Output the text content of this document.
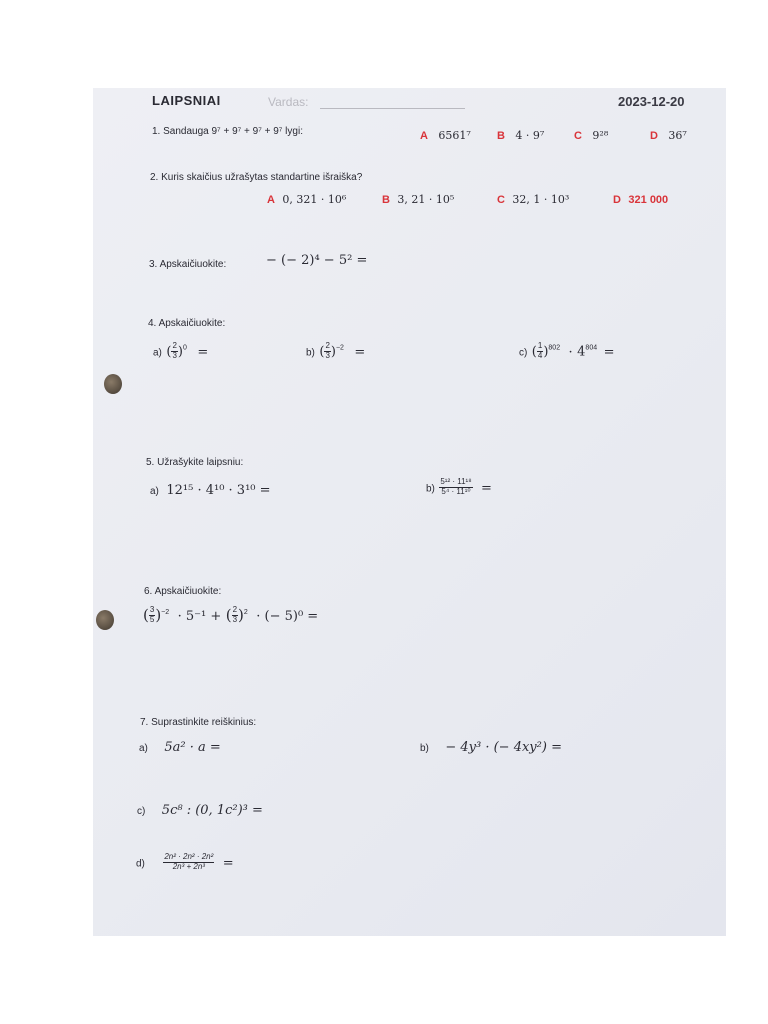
LAIPSNIAI	Vardas:	2023-12-20
1. Sandauga 9⁷ + 9⁷ + 9⁷ + 9⁷ lygi:	A 6561⁷ B 4 · 9⁷	C 9²⁸	D 36⁷
2. Kuris skaičius užrašytas standartine išraiška?
A 0, 321 · 10⁶	B 3, 21 · 10⁵	C 32, 1 · 10³	D 321 000
3. Apskaičiuokite:	− (− 2)⁴ − 5² =
4. Apskaičiuokite:
a) ( $\frac{2}{3} )^0$ =	b) ( $\frac{2}{3} )^{-2}$ =	c) ( $\frac{1}{4} )^{802} \cdot 4^{804}$ =
5. Užrašykite laipsniu:
a) 12¹⁵ · 4¹⁰ · 3¹⁰ =	$b) \frac{\text{5¹² · 11¹⁸}}{\text{5⁴ · 11¹⁰}}$ =
6. Apskaičiuokite:
( $\frac{3}{5} )^{-2} \cdot 5^{-1}$ + ( $\frac{2}{3} )^2$ · (− 5)⁰ =
7. Suprastinkite reiškinius:
a) 5a² · a =	b) − 4y³ · (− 4xy²) =
c) 5c⁸ : (0, 1c²)³ =
$d) \frac{\text{2n² · 2n² · 2n²}}{\text{2n³ + 2n³}}$ =
